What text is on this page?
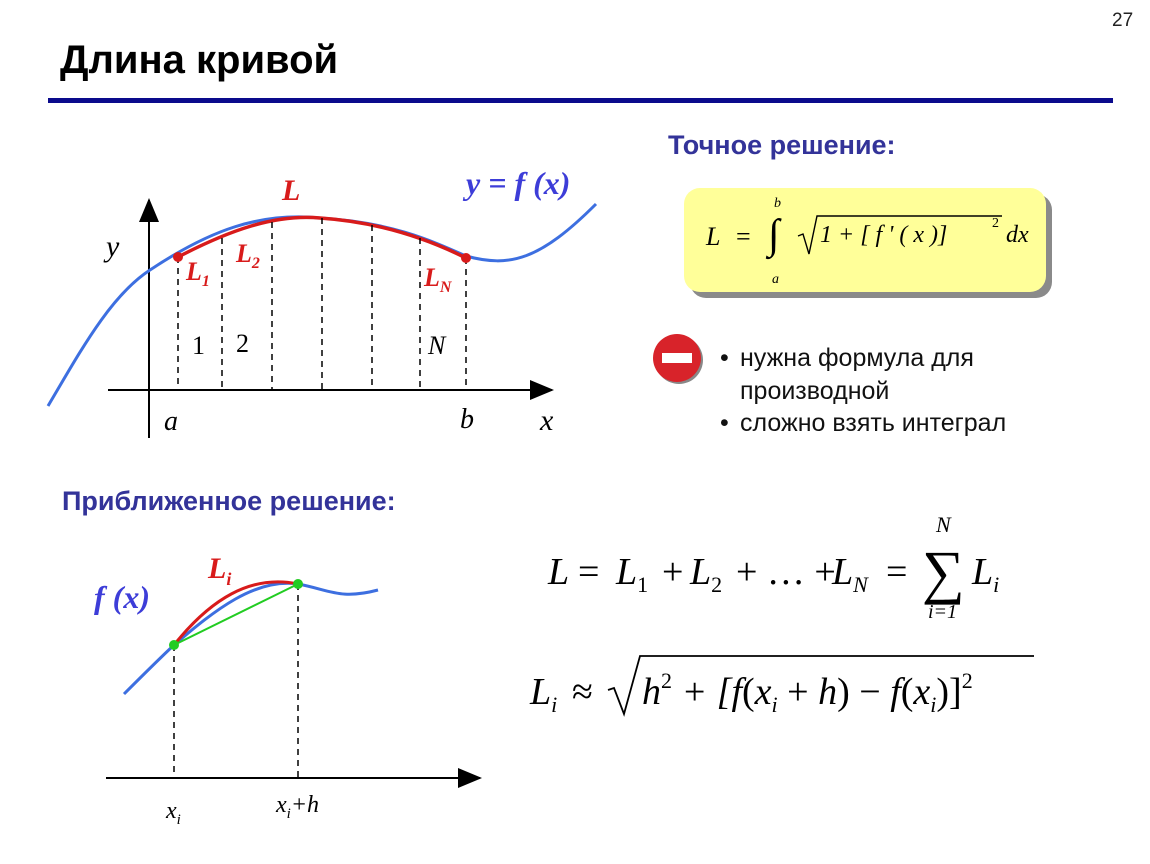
27
Длина кривой
Точное решение:
L =
b
∫
a
1 + [ f ' ( x )]	2 dx
• нужна формула для производной
• сложно взять интеграл
Приближенное решение:
L	y = f (x)
y
x
a	b
$L_1$
$L_2$	$L_N$
1 2	N
f (x)
$L_i$
$x_i$
$x_i+h$
$L = L_1 + L_2$ + … +
$L_N$ = ∑
N
i=1
$L_i$
$L_i \approx h^2 + [f(x_i + h) - f(x_i)]^2$
